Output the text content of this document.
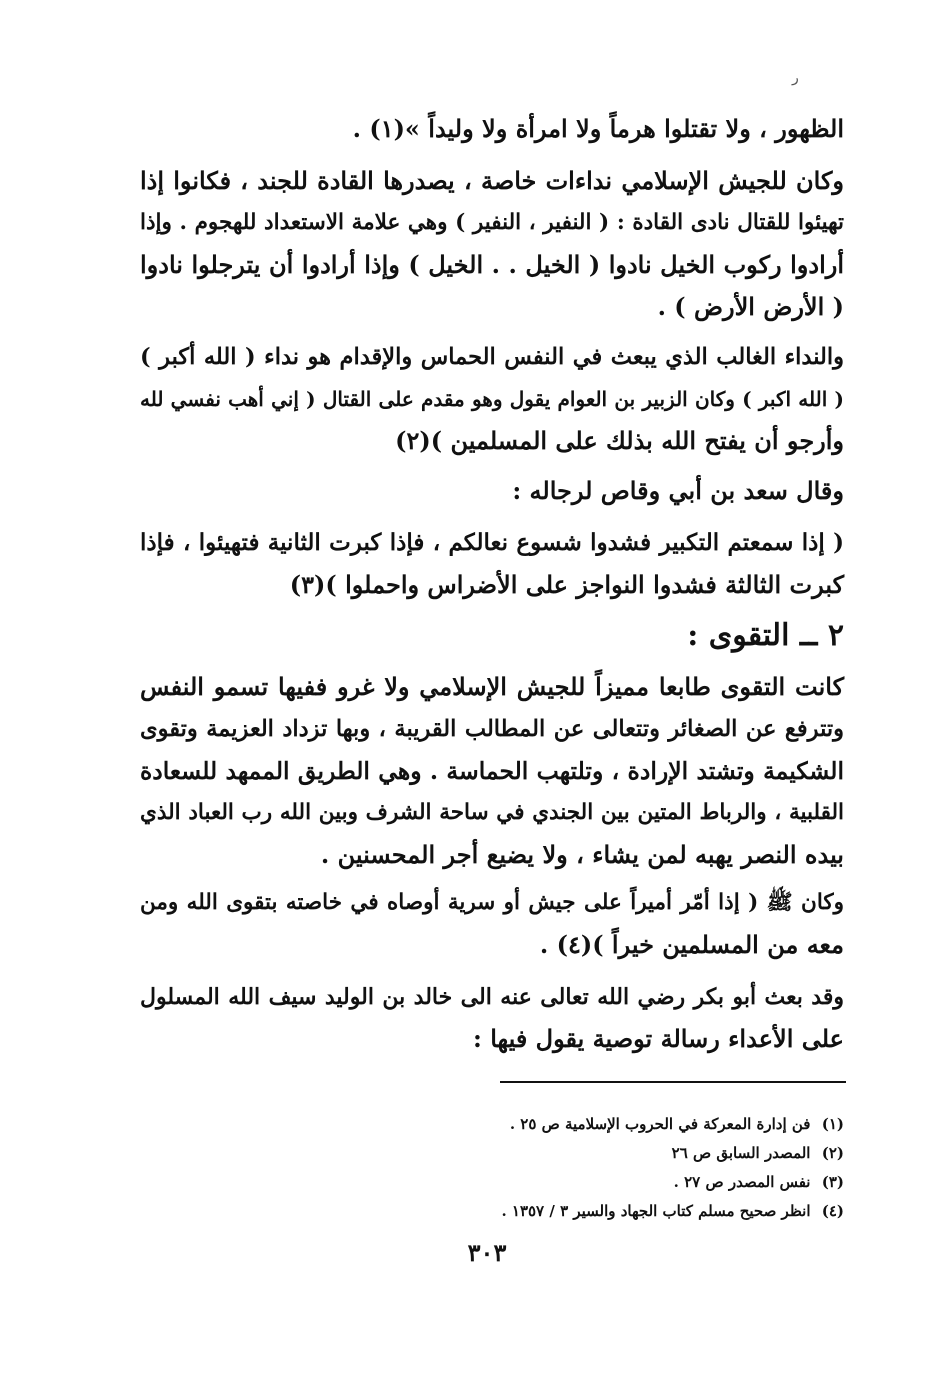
ﺭ
الظهور ، ولا تقتلوا هرماً ولا امرأة ولا وليداً »(١) .
وكان للجيش الإسلامي نداءات خاصة ، يصدرها القادة للجند ، فكانوا إذا
تهيئوا للقتال نادى القادة : ( النفير ، النفير ) وهي علامة الاستعداد للهجوم . وإذا
أرادوا ركوب الخيل نادوا ( الخيل . . الخيل ) وإذا أرادوا أن يترجلوا نادوا
( الأرض الأرض ) .
والنداء الغالب الذي يبعث في النفس الحماس والإقدام هو نداء ( الله أكبر )
( الله اكبر ) وكان الزبير بن العوام يقول وهو مقدم على القتال ( إني أهب نفسي لله
وأرجو أن يفتح الله بذلك على المسلمين )(٢)
وقال سعد بن أبي وقاص لرجاله :
( إذا سمعتم التكبير فشدوا شسوع نعالكم ، فإذا كبرت الثانية فتهيئوا ، فإذا
كبرت الثالثة فشدوا النواجز على الأضراس واحملوا )(٣)
٢ ــ التقوى :
كانت التقوى طابعا مميزاً للجيش الإسلامي ولا غرو ففيها تسمو النفس
وتترفع عن الصغائر وتتعالى عن المطالب القريبة ، وبها تزداد العزيمة وتقوى
الشكيمة وتشتد الإرادة ، وتلتهب الحماسة . وهي الطريق الممهد للسعادة
القلبية ، والرباط المتين بين الجندي في ساحة الشرف وبين الله رب العباد الذي
بيده النصر يهبه لمن يشاء ، ولا يضيع أجر المحسنين .
وكان ﷺ ( إذا أمّر أميراً على جيش أو سرية أوصاه في خاصته بتقوى الله ومن
معه من المسلمين خيراً )(٤) .
وقد بعث أبو بكر رضي الله تعالى عنه الى خالد بن الوليد سيف الله المسلول
على الأعداء رسالة توصية يقول فيها :
(١) فن إدارة المعركة في الحروب الإسلامية ص ٢٥ .
(٢) المصدر السابق ص ٢٦
(٣) نفس المصدر ص ٢٧ .
(٤) انظر صحيح مسلم كتاب الجهاد والسير ٣ / ١٣٥٧ .
٣٠٣
